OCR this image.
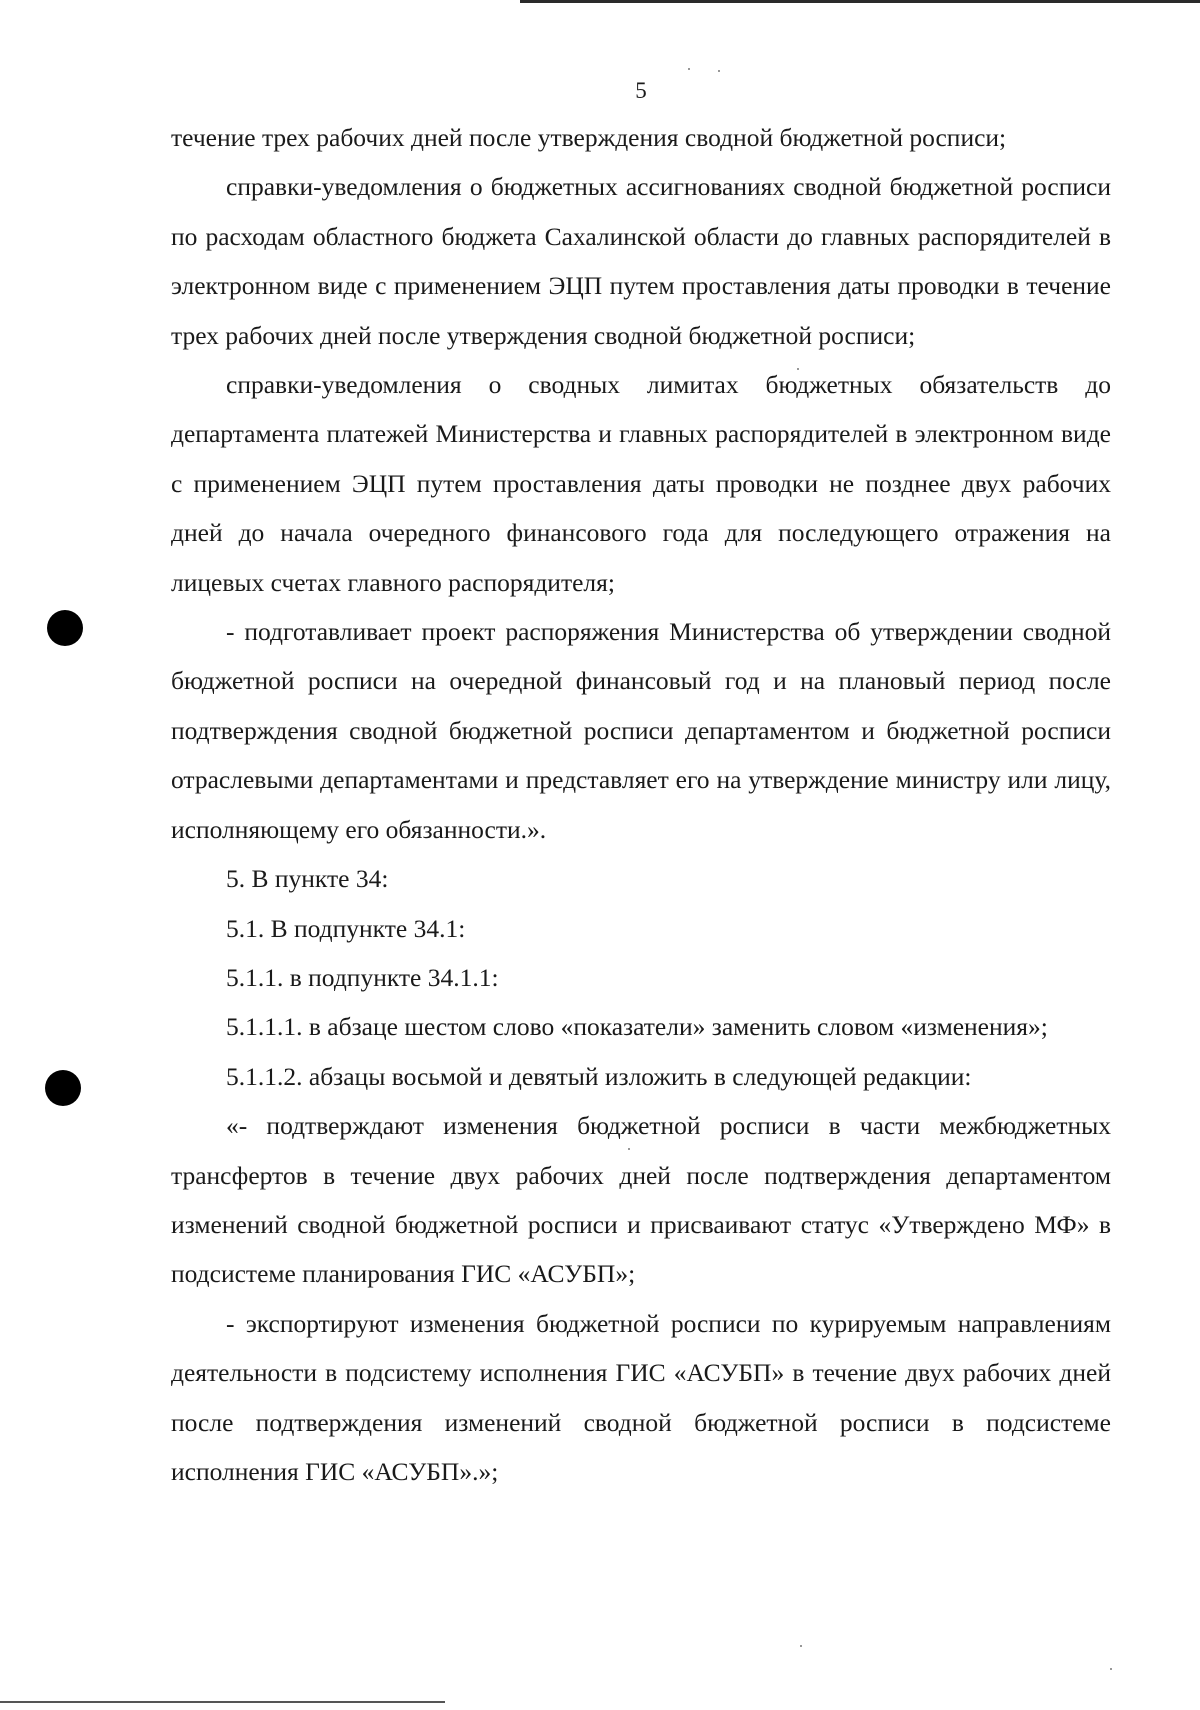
5

течение трех рабочих дней после утверждения сводной бюджетной росписи;

справки-уведомления о бюджетных ассигнованиях сводной бюджетной росписи по расходам областного бюджета Сахалинской области до главных распорядителей в электронном виде с применением ЭЦП путем проставления даты проводки в течение трех рабочих дней после утверждения сводной бюджетной росписи;

справки-уведомления о сводных лимитах бюджетных обязательств до департамента платежей Министерства и главных распорядителей в электронном виде с применением ЭЦП путем проставления даты проводки не позднее двух рабочих дней до начала очередного финансового года для последующего отражения на лицевых счетах главного распорядителя;

- подготавливает проект распоряжения Министерства об утверждении сводной бюджетной росписи на очередной финансовый год и на плановый период после подтверждения сводной бюджетной росписи департаментом и бюджетной росписи отраслевыми департаментами и представляет его на утверждение министру или лицу, исполняющему его обязанности.».

5. В пункте 34:

5.1. В подпункте 34.1:

5.1.1. в подпункте 34.1.1:

5.1.1.1. в абзаце шестом слово «показатели» заменить словом «изменения»;

5.1.1.2. абзацы восьмой и девятый изложить в следующей редакции:

«- подтверждают изменения бюджетной росписи в части межбюджетных трансфертов в течение двух рабочих дней после подтверждения департаментом изменений сводной бюджетной росписи и присваивают статус «Утверждено МФ» в подсистеме планирования ГИС «АСУБП»;

- экспортируют изменения бюджетной росписи по курируемым направлениям деятельности в подсистему исполнения ГИС «АСУБП» в течение двух рабочих дней после подтверждения изменений сводной бюджетной росписи в подсистеме исполнения ГИС «АСУБП».»;
